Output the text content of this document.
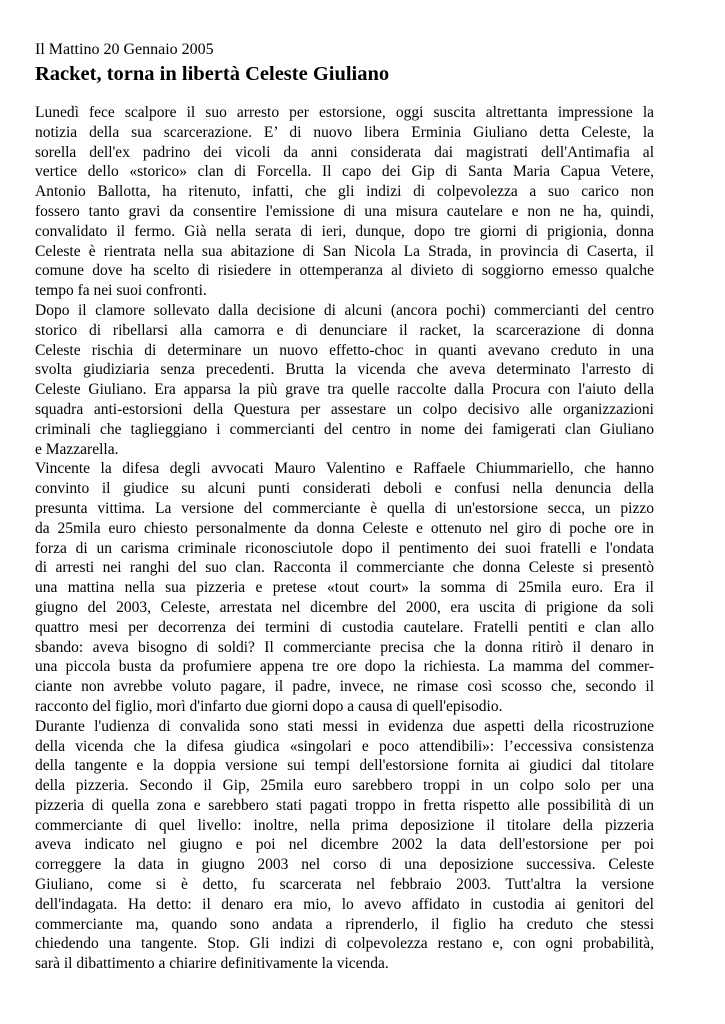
Il Mattino 20 Gennaio 2005
Racket, torna in libertà Celeste Giuliano
Lunedì fece scalpore il suo arresto per estorsione, oggi suscita altrettanta impressione la
notizia della sua scarcerazione. E’ di nuovo libera Erminia Giuliano detta Celeste, la
sorella dell'ex padrino dei vicoli da anni considerata dai magistrati dell'Antimafia al
vertice dello «storico» clan di Forcella. Il capo dei Gip di Santa Maria Capua Vetere,
Antonio Ballotta, ha ritenuto, infatti, che gli indizi di colpevolezza a suo carico non
fossero tanto gravi da consentire l'emissione di una misura cautelare e non ne ha, quindi,
convalidato il fermo. Già nella serata di ieri, dunque, dopo tre giorni di prigionia, donna
Celeste è rientrata nella sua abitazione di San Nicola La Strada, in provincia di Caserta, il
comune dove ha scelto di risiedere in ottemperanza al divieto di soggiorno emesso qualche
tempo fa nei suoi confronti.
Dopo il clamore sollevato dalla decisione di alcuni (ancora pochi) commercianti del centro
storico di ribellarsi alla camorra e di denunciare il racket, la scarcerazione di donna
Celeste rischia di determinare un nuovo effetto-choc in quanti avevano creduto in una
svolta giudiziaria senza precedenti. Brutta la vicenda che aveva determinato l'arresto di
Celeste Giuliano. Era apparsa la più grave tra quelle raccolte dalla Procura con l'aiuto della
squadra anti-estorsioni della Questura per assestare un colpo decisivo alle organizzazioni
criminali che taglieggiano i commercianti del centro in nome dei famigerati clan Giuliano
e Mazzarella.
Vincente la difesa degli avvocati Mauro Valentino e Raffaele Chiummariello, che hanno
convinto il giudice su alcuni punti considerati deboli e confusi nella denuncia della
presunta vittima. La versione del commerciante è quella di un'estorsione secca, un pizzo
da 25mila euro chiesto personalmente da donna Celeste e ottenuto nel giro di poche ore in
forza di un carisma criminale riconosciutole dopo il pentimento dei suoi fratelli e l'ondata
di arresti nei ranghi del suo clan. Racconta il commerciante che donna Celeste si presentò
una mattina nella sua pizzeria e pretese «tout court» la somma di 25mila euro. Era il
giugno del 2003, Celeste, arrestata nel dicembre del 2000, era uscita di prigione da soli
quattro mesi per decorrenza dei termini di custodia cautelare. Fratelli pentiti e clan allo
sbando: aveva bisogno di soldi? Il commerciante precisa che la donna ritirò il denaro in
una piccola busta da profumiere appena tre ore dopo la richiesta. La mamma del commer-
ciante non avrebbe voluto pagare, il padre, invece, ne rimase così scosso che, secondo il
racconto del figlio, morì d'infarto due giorni dopo a causa di quell'episodio.
Durante l'udienza di convalida sono stati messi in evidenza due aspetti della ricostruzione
della vicenda che la difesa giudica «singolari e poco attendibili»: l’eccessiva consistenza
della tangente e la doppia versione sui tempi dell'estorsione fornita ai giudici dal titolare
della pizzeria. Secondo il Gip, 25mila euro sarebbero troppi in un colpo solo per una
pizzeria di quella zona e sarebbero stati pagati troppo in fretta rispetto alle possibilità di un
commerciante di quel livello: inoltre, nella prima deposizione il titolare della pizzeria
aveva indicato nel giugno e poi nel dicembre 2002 la data dell'estorsione per poi
correggere la data in giugno 2003 nel corso di una deposizione successiva. Celeste
Giuliano, come si è detto, fu scarcerata nel febbraio 2003. Tutt'altra la versione
dell'indagata. Ha detto: il denaro era mio, lo avevo affidato in custodia ai genitori del
commerciante ma, quando sono andata a riprenderlo, il figlio ha creduto che stessi
chiedendo una tangente. Stop. Gli indizi di colpevolezza restano e, con ogni probabilità,
sarà il dibattimento a chiarire definitivamente la vicenda.
